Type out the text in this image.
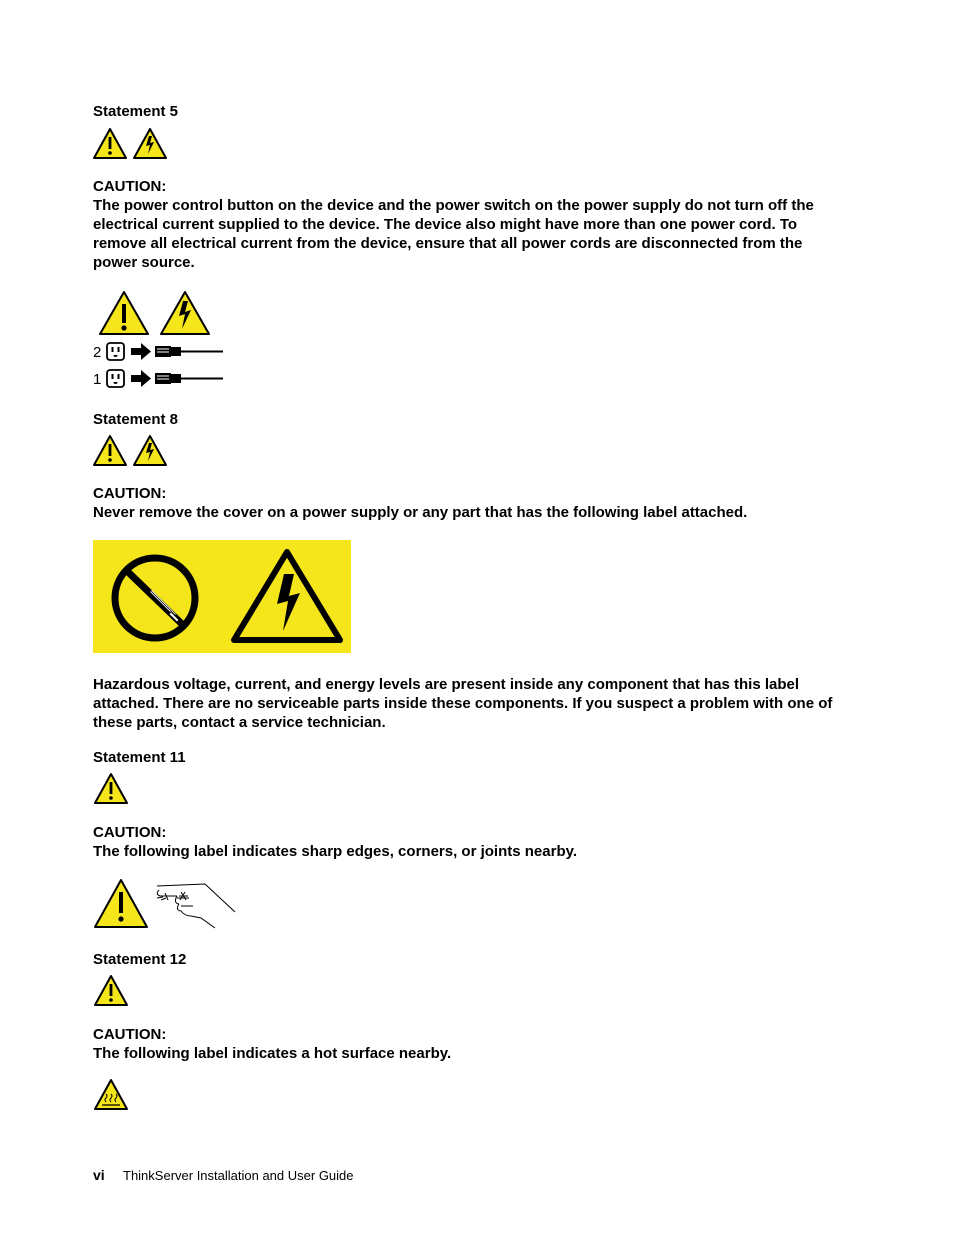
Statement 5
CAUTION:
The power control button on the device and the power switch on the power supply do not turn off the electrical current supplied to the device. The device also might have more than one power cord. To remove all electrical current from the device, ensure that all power cords are disconnected from the power source.
2
1
Statement 8
CAUTION:
Never remove the cover on a power supply or any part that has the following label attached.
Hazardous voltage, current, and energy levels are present inside any component that has this label attached. There are no serviceable parts inside these components. If you suspect a problem with one of these parts, contact a service technician.
Statement 11
CAUTION:
The following label indicates sharp edges, corners, or joints nearby.
Statement 12
CAUTION:
The following label indicates a hot surface nearby.
vi ThinkServer Installation and User Guide
